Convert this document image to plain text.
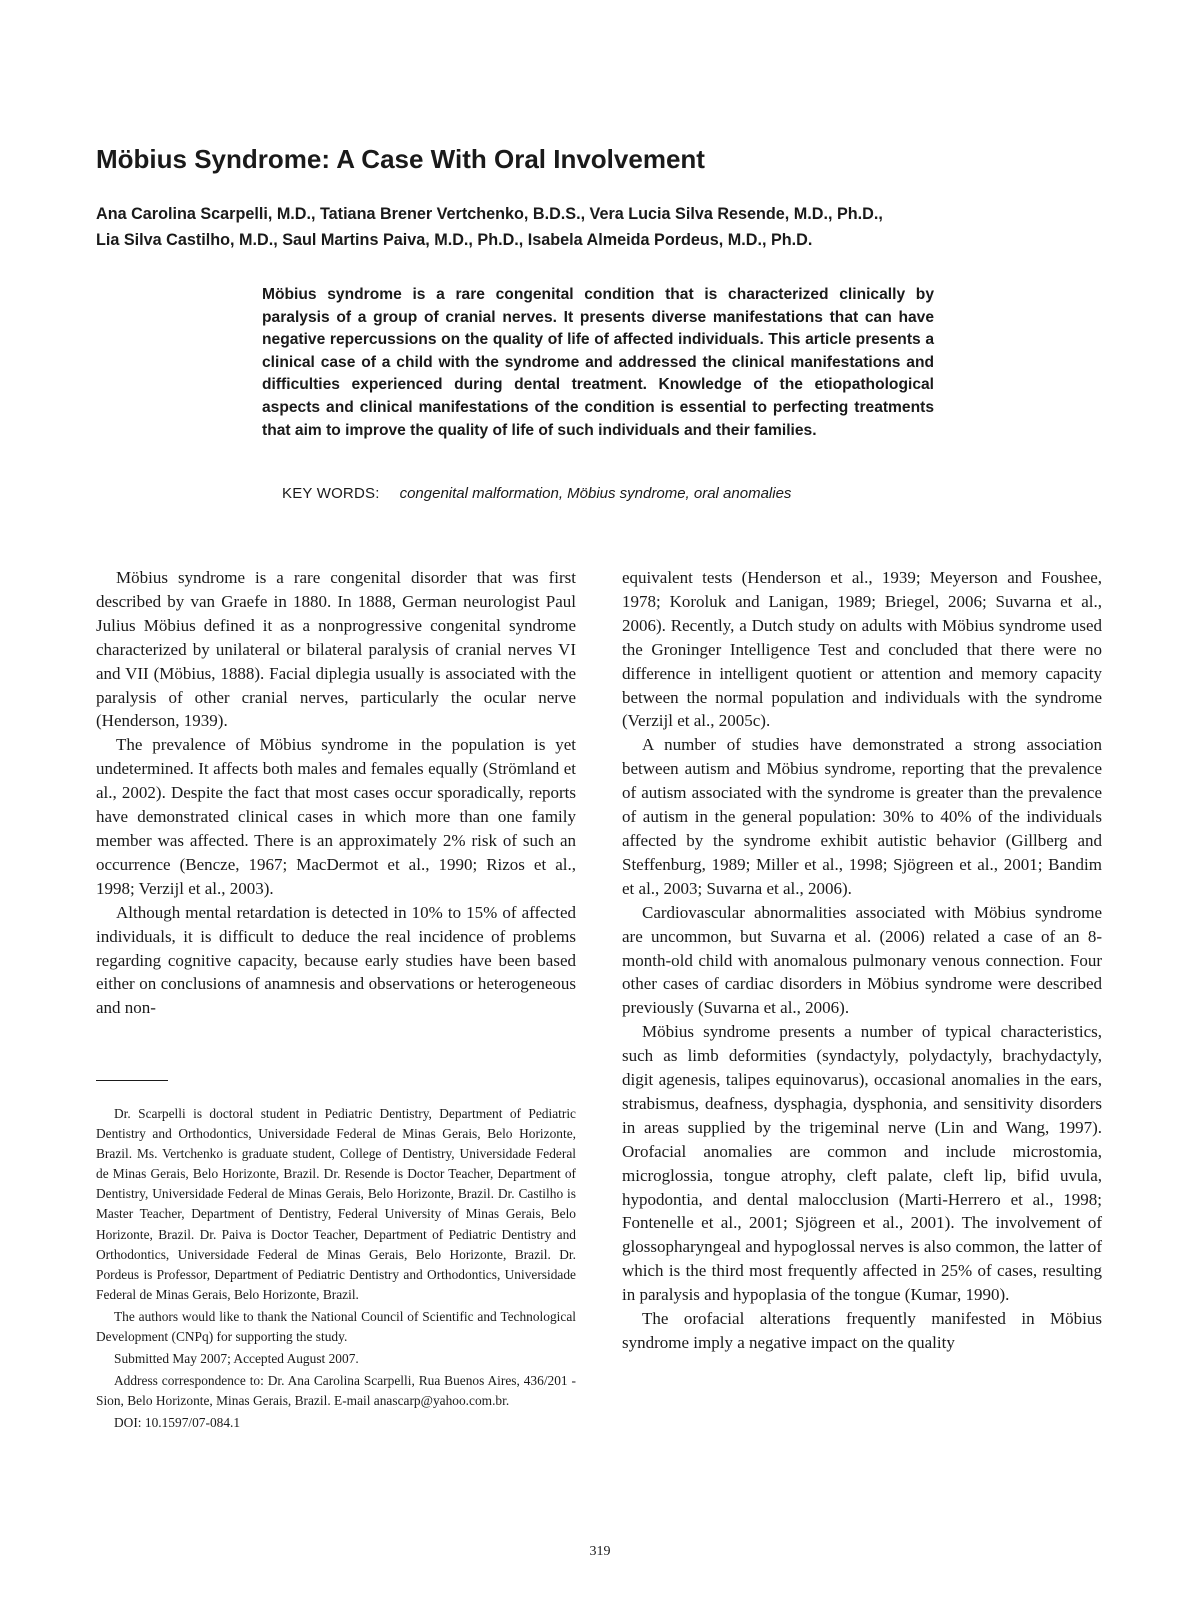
Möbius Syndrome: A Case With Oral Involvement
Ana Carolina Scarpelli, M.D., Tatiana Brener Vertchenko, B.D.S., Vera Lucia Silva Resende, M.D., Ph.D.,
Lia Silva Castilho, M.D., Saul Martins Paiva, M.D., Ph.D., Isabela Almeida Pordeus, M.D., Ph.D.

Möbius syndrome is a rare congenital condition that is characterized clinically by paralysis of a group of cranial nerves. It presents diverse manifestations that can have negative repercussions on the quality of life of affected individuals. This article presents a clinical case of a child with the syndrome and addressed the clinical manifestations and difficulties experienced during dental treatment. Knowledge of the etiopathological aspects and clinical manifestations of the condition is essential to perfecting treatments that aim to improve the quality of life of such individuals and their families.

KEY WORDS: congenital malformation, Möbius syndrome, oral anomalies

Möbius syndrome is a rare congenital disorder that was first described by van Graefe in 1880. In 1888, German neurologist Paul Julius Möbius defined it as a nonprogressive congenital syndrome characterized by unilateral or bilateral paralysis of cranial nerves VI and VII (Möbius, 1888). Facial diplegia usually is associated with the paralysis of other cranial nerves, particularly the ocular nerve (Henderson, 1939).

The prevalence of Möbius syndrome in the population is yet undetermined. It affects both males and females equally (Strömland et al., 2002). Despite the fact that most cases occur sporadically, reports have demonstrated clinical cases in which more than one family member was affected. There is an approximately 2% risk of such an occurrence (Bencze, 1967; MacDermot et al., 1990; Rizos et al., 1998; Verzijl et al., 2003).

Although mental retardation is detected in 10% to 15% of affected individuals, it is difficult to deduce the real incidence of problems regarding cognitive capacity, because early studies have been based either on conclusions of anamnesis and observations or heterogeneous and non-

equivalent tests (Henderson et al., 1939; Meyerson and Foushee, 1978; Koroluk and Lanigan, 1989; Briegel, 2006; Suvarna et al., 2006). Recently, a Dutch study on adults with Möbius syndrome used the Groninger Intelligence Test and concluded that there were no difference in intelligent quotient or attention and memory capacity between the normal population and individuals with the syndrome (Verzijl et al., 2005c).

A number of studies have demonstrated a strong association between autism and Möbius syndrome, reporting that the prevalence of autism associated with the syndrome is greater than the prevalence of autism in the general population: 30% to 40% of the individuals affected by the syndrome exhibit autistic behavior (Gillberg and Steffenburg, 1989; Miller et al., 1998; Sjögreen et al., 2001; Bandim et al., 2003; Suvarna et al., 2006).

Cardiovascular abnormalities associated with Möbius syndrome are uncommon, but Suvarna et al. (2006) related a case of an 8-month-old child with anomalous pulmonary venous connection. Four other cases of cardiac disorders in Möbius syndrome were described previously (Suvarna et al., 2006).

Möbius syndrome presents a number of typical characteristics, such as limb deformities (syndactyly, polydactyly, brachydactyly, digit agenesis, talipes equinovarus), occasional anomalies in the ears, strabismus, deafness, dysphagia, dysphonia, and sensitivity disorders in areas supplied by the trigeminal nerve (Lin and Wang, 1997). Orofacial anomalies are common and include microstomia, microglossia, tongue atrophy, cleft palate, cleft lip, bifid uvula, hypodontia, and dental malocclusion (Marti-Herrero et al., 1998; Fontenelle et al., 2001; Sjögreen et al., 2001). The involvement of glossopharyngeal and hypoglossal nerves is also common, the latter of which is the third most frequently affected in 25% of cases, resulting in paralysis and hypoplasia of the tongue (Kumar, 1990).

The orofacial alterations frequently manifested in Möbius syndrome imply a negative impact on the quality

Dr. Scarpelli is doctoral student in Pediatric Dentistry, Department of Pediatric Dentistry and Orthodontics, Universidade Federal de Minas Gerais, Belo Horizonte, Brazil. Ms. Vertchenko is graduate student, College of Dentistry, Universidade Federal de Minas Gerais, Belo Horizonte, Brazil. Dr. Resende is Doctor Teacher, Department of Dentistry, Universidade Federal de Minas Gerais, Belo Horizonte, Brazil. Dr. Castilho is Master Teacher, Department of Dentistry, Federal University of Minas Gerais, Belo Horizonte, Brazil. Dr. Paiva is Doctor Teacher, Department of Pediatric Dentistry and Orthodontics, Universidade Federal de Minas Gerais, Belo Horizonte, Brazil. Dr. Pordeus is Professor, Department of Pediatric Dentistry and Orthodontics, Universidade Federal de Minas Gerais, Belo Horizonte, Brazil.

The authors would like to thank the National Council of Scientific and Technological Development (CNPq) for supporting the study.

Submitted May 2007; Accepted August 2007.

Address correspondence to: Dr. Ana Carolina Scarpelli, Rua Buenos Aires, 436/201 - Sion, Belo Horizonte, Minas Gerais, Brazil. E-mail anascarp@yahoo.com.br.

DOI: 10.1597/07-084.1

319
